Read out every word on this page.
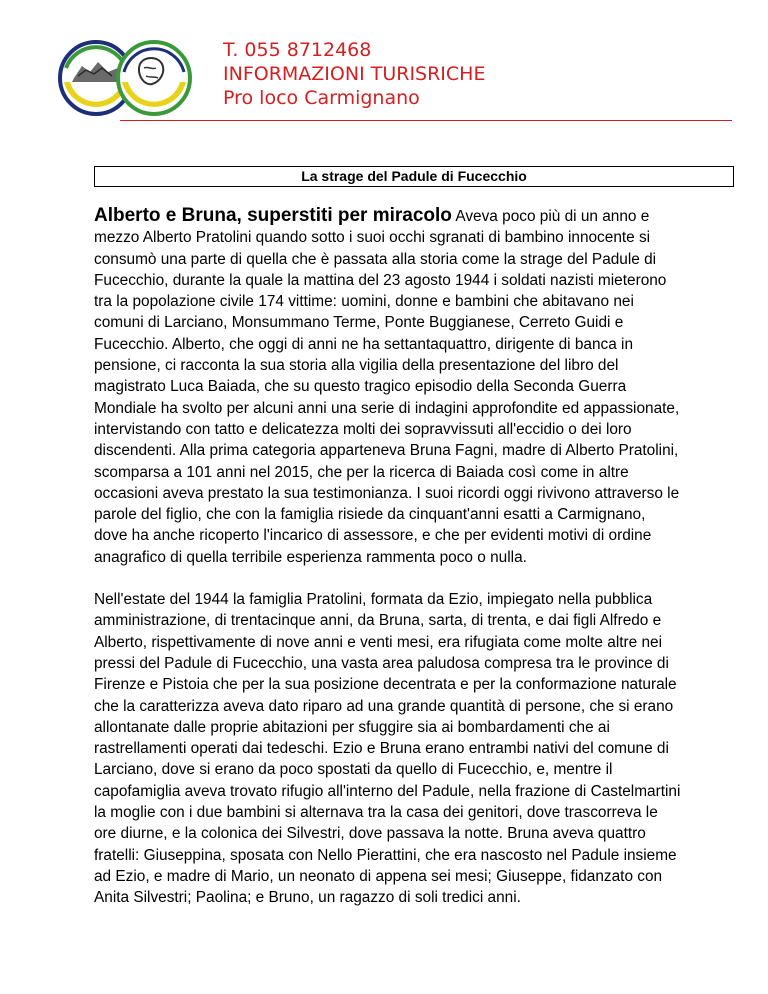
T. 055 8712468
INFORMAZIONI TURISRICHE
Pro loco Carmignano
La strage del Padule di Fucecchio

Alberto e Bruna, superstiti per miracolo Aveva poco più di un anno e mezzo Alberto Pratolini quando sotto i suoi occhi sgranati di bambino innocente si consumò una parte di quella che è passata alla storia come la strage del Padule di Fucecchio, durante la quale la mattina del 23 agosto 1944 i soldati nazisti mieterono tra la popolazione civile 174 vittime: uomini, donne e bambini che abitavano nei comuni di Larciano, Monsummano Terme, Ponte Buggianese, Cerreto Guidi e Fucecchio. Alberto, che oggi di anni ne ha settantaquattro, dirigente di banca in pensione, ci racconta la sua storia alla vigilia della presentazione del libro del magistrato Luca Baiada, che su questo tragico episodio della Seconda Guerra Mondiale ha svolto per alcuni anni una serie di indagini approfondite ed appassionate, intervistando con tatto e delicatezza molti dei sopravvissuti all'eccidio o dei loro discendenti. Alla prima categoria apparteneva Bruna Fagni, madre di Alberto Pratolini, scomparsa a 101 anni nel 2015, che per la ricerca di Baiada così come in altre occasioni aveva prestato la sua testimonianza. I suoi ricordi oggi rivivono attraverso le parole del figlio, che con la famiglia risiede da cinquant'anni esatti a Carmignano, dove ha anche ricoperto l'incarico di assessore, e che per evidenti motivi di ordine anagrafico di quella terribile esperienza rammenta poco o nulla.

Nell'estate del 1944 la famiglia Pratolini, formata da Ezio, impiegato nella pubblica amministrazione, di trentacinque anni, da Bruna, sarta, di trenta, e dai figli Alfredo e Alberto, rispettivamente di nove anni e venti mesi, era rifugiata come molte altre nei pressi del Padule di Fucecchio, una vasta area paludosa compresa tra le province di Firenze e Pistoia che per la sua posizione decentrata e per la conformazione naturale che la caratterizza aveva dato riparo ad una grande quantità di persone, che si erano allontanate dalle proprie abitazioni per sfuggire sia ai bombardamenti che ai rastrellamenti operati dai tedeschi. Ezio e Bruna erano entrambi nativi del comune di Larciano, dove si erano da poco spostati da quello di Fucecchio, e, mentre il capofamiglia aveva trovato rifugio all'interno del Padule, nella frazione di Castelmartini la moglie con i due bambini si alternava tra la casa dei genitori, dove trascorreva le ore diurne, e la colonica dei Silvestri, dove passava la notte. Bruna aveva quattro fratelli: Giuseppina, sposata con Nello Pierattini, che era nascosto nel Padule insieme ad Ezio, e madre di Mario, un neonato di appena sei mesi; Giuseppe, fidanzato con Anita Silvestri; Paolina; e Bruno, un ragazzo di soli tredici anni.
